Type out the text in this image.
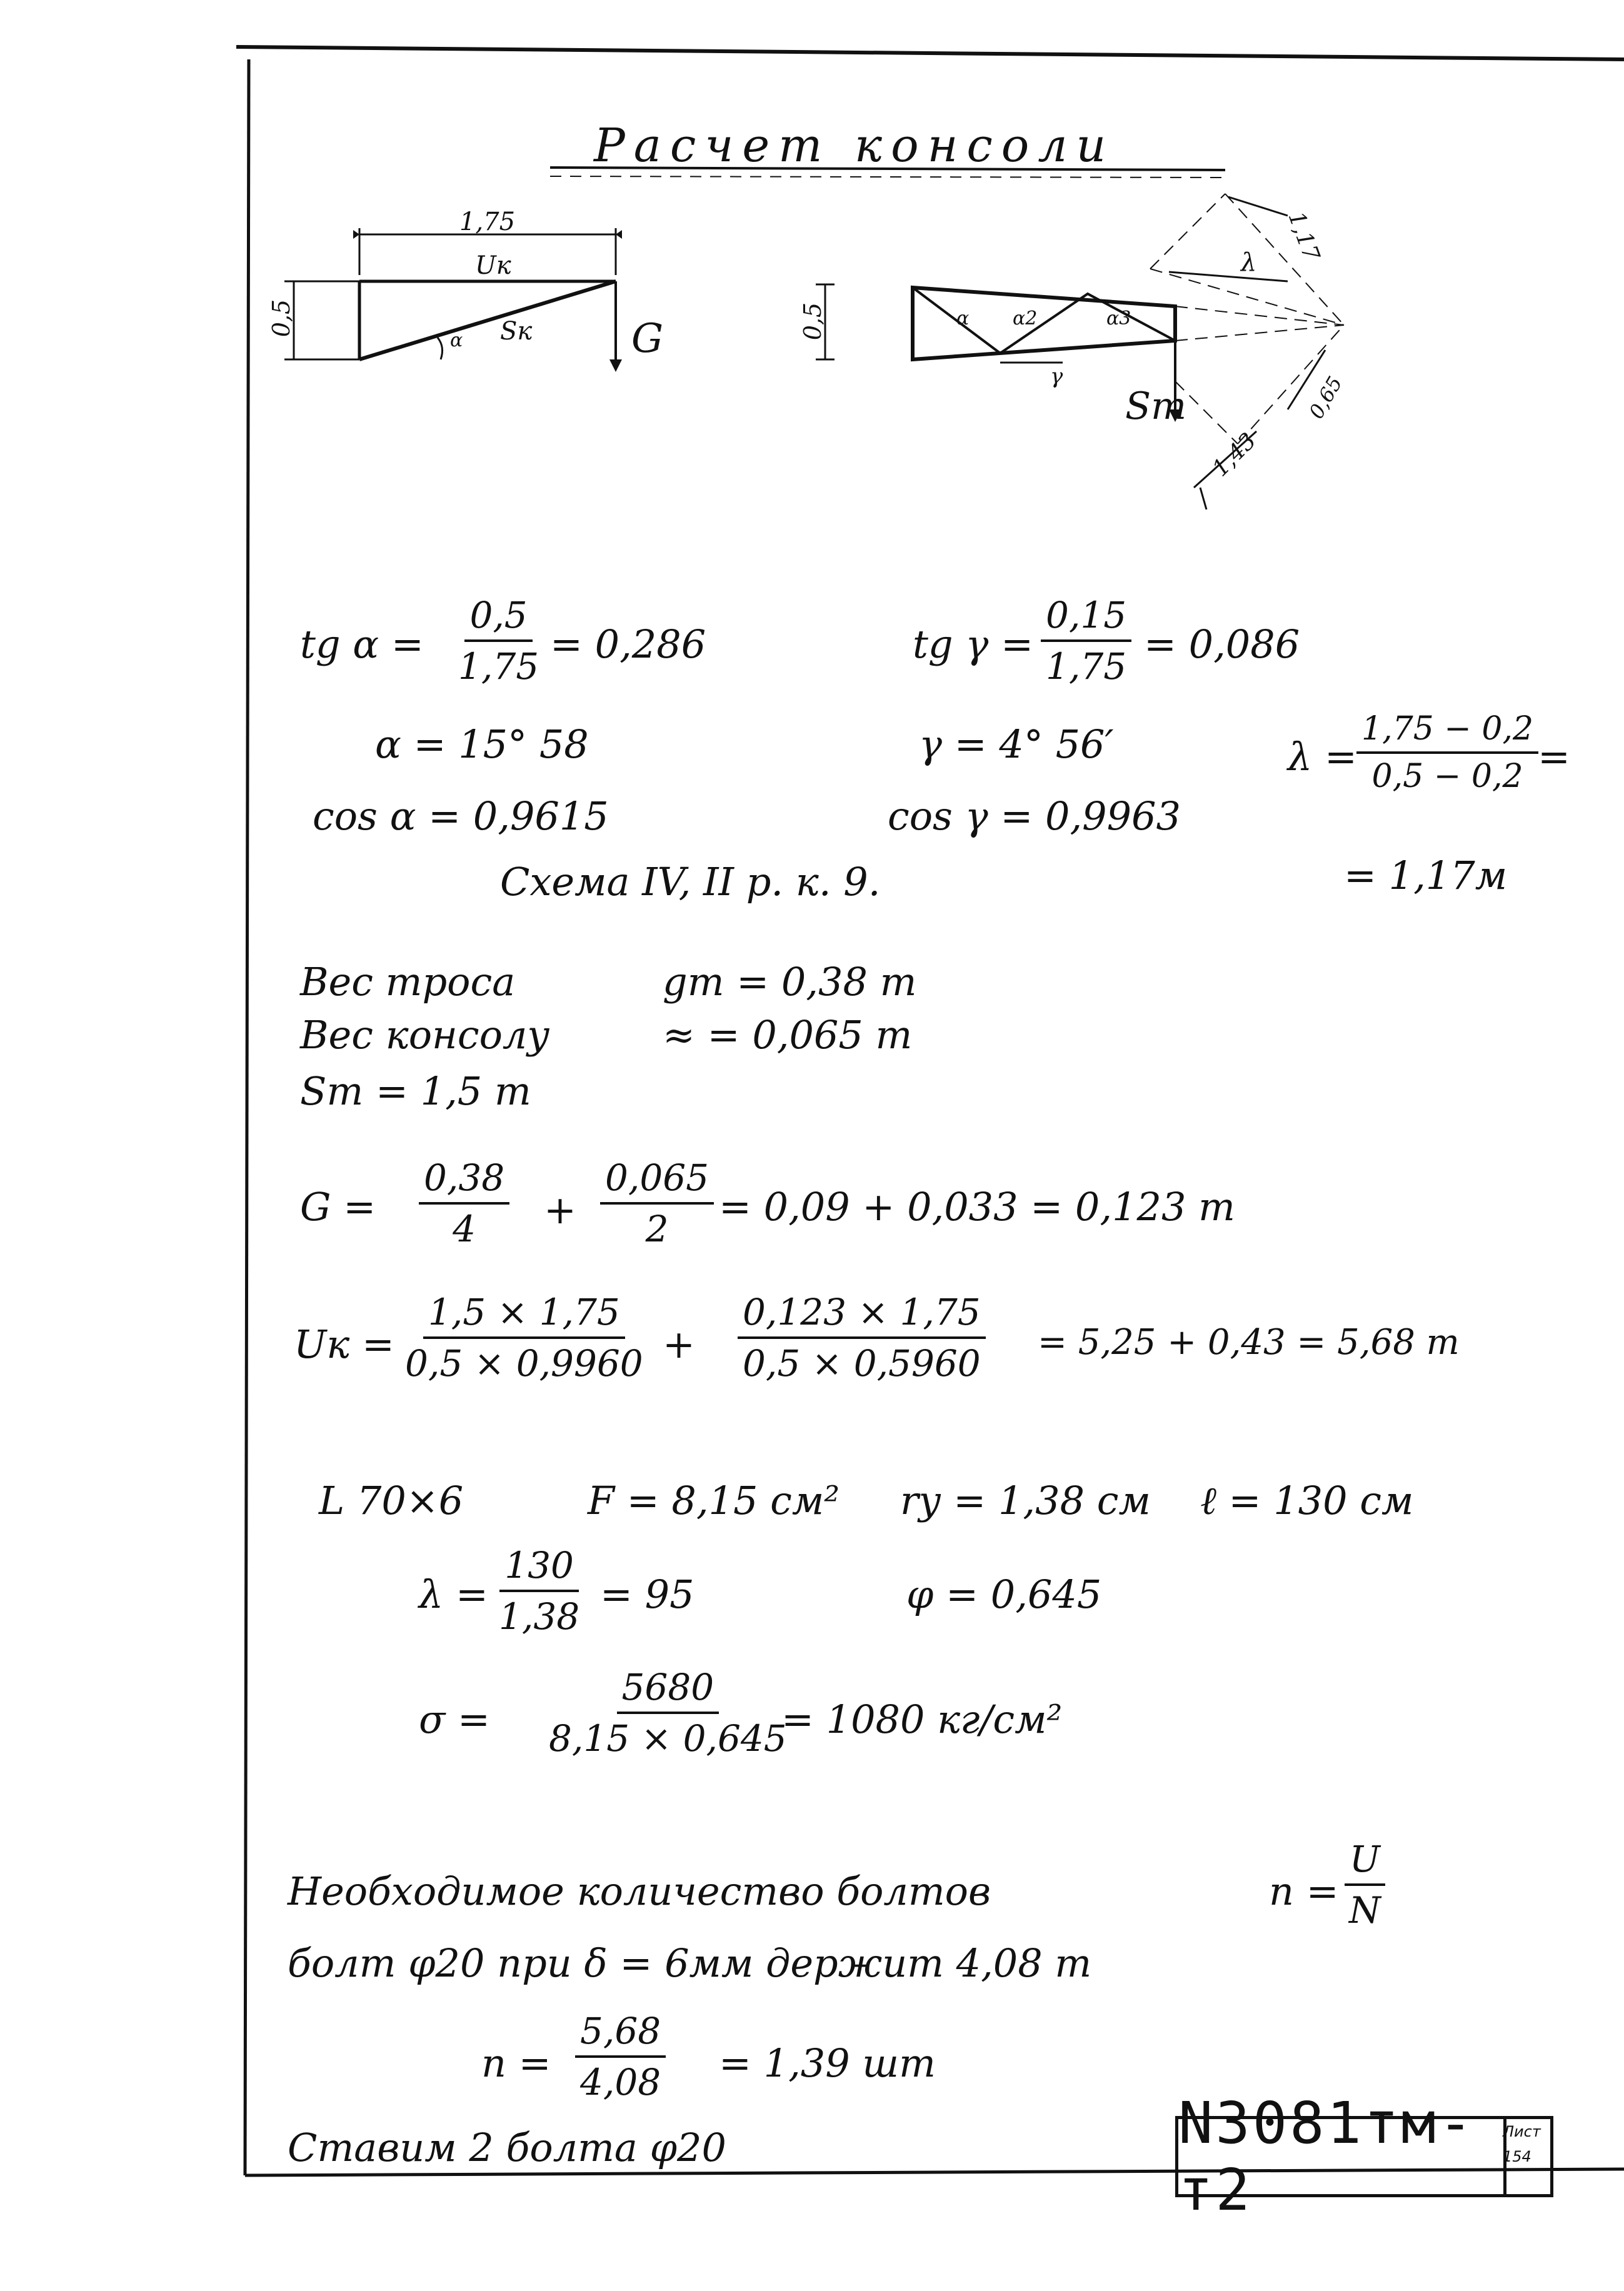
Расчет консоли
1,75
0,5
Uк
Sк
α	G	0,5	α α2	α3
γ
Sт
1,17
1,43
0,65
λ
tg $\alpha = \frac{0,5}{1,75} = 0,286$	tg $\gamma = \frac{0,15}{1,75} = 0,086$
α = 15° 58	γ = 4° 56′	$\lambda = \frac{1,75 - 0,2}{0,5 - 0,2}$
=
cos α = 0,9615	cos γ = 0,9963
= 1,17м
Схема IV, II р. к. 9.
Вес троса	gт = 0,38 т
Вес консолу	≈ = 0,065 т
Sт = 1,5 т
$G = \frac{0,38}{4} + \frac{0,065}{2} = 0,09 + 0,033 = 0,123$ т
Uк = $\frac{1,5 \times 1,75}{0,5 \times 0,9960} + \frac{0,123 \times 1,75}{0,5 \times 0,5960} = 5,25 + 0,43 = 5,68$ т
L 70×6	F = 8,15 см² rу = 1,38 см ℓ = 130 см
$\lambda = \frac{130}{1,38} = 95$	φ = 0,645
$\sigma = \frac{5680}{8,15 \times 0,645}$
= 1080 кг/см²
Необходимое количество болтов	$n = \frac{U}{N}$
болт φ20 при δ = 6мм держит 4,08 т
$n = \frac{5,68}{4,08} = 1,39$ шт
Ставим 2 болта φ20	N3081тм-т2
Лист
154
